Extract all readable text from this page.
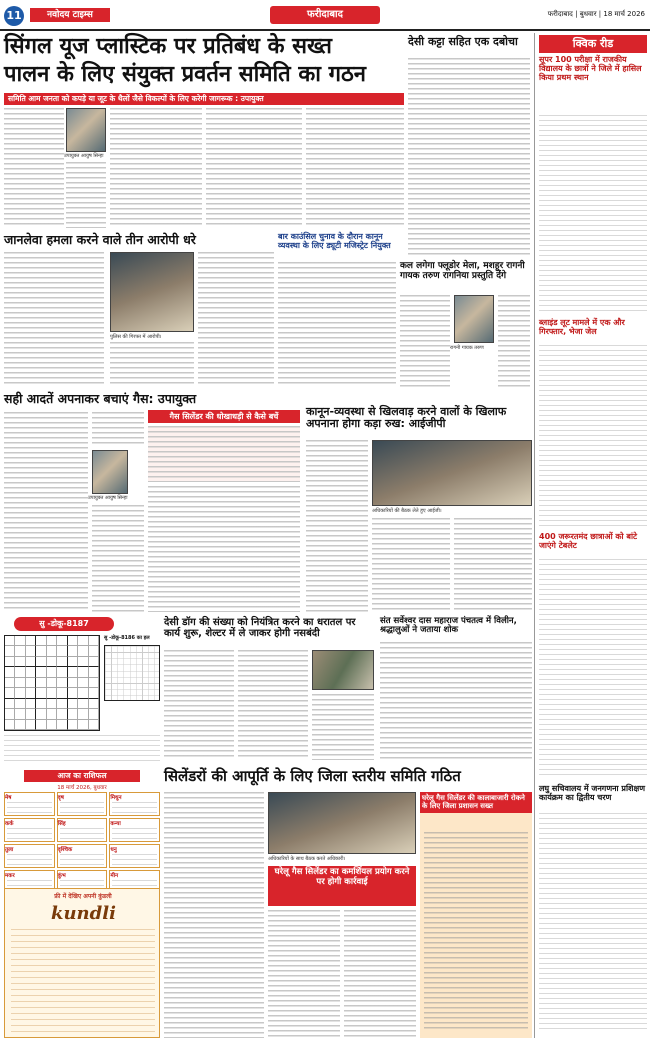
11	नवोदय टाइम्स	फरीदाबाद	फरीदाबाद | बुधवार | 18 मार्च 2026
सिंगल यूज प्लास्टिक पर प्रतिबंध के सख्त
पालन के लिए संयुक्त प्रवर्तन समिति का गठन
समिति आम जनता को कपड़े या जूट के थैलों जैसे विकल्पों के लिए करेगी जागरूक : उपायुक्त
उपायुक्त आयुष सिन्हा
देसी कट्टा सहित एक दबोचा	क्विक रीड
सूपर 100 परीक्षा में राजकीय विद्यालय के छात्रों ने जिले में हासिल किया प्रथम स्थान
ब्लाइंड लूट मामले में एक और गिरफ्तार, भेजा जेल
400 जरूरतमंद छात्राओं को बांटे जाएंगे टेबलेट
लघु सचिवालय में जनगणना प्रशिक्षण कार्यक्रम का द्वितीय चरण
जानलेवा हमला करने वाले तीन आरोपी धरे
पुलिस की गिरफ्त में आरोपी।
बार काउंसिल चुनाव के दौरान कानून व्यवस्था के लिए ड्यूटी मजिस्ट्रेट नियुक्त
कल लगेगा फ्लूडोर मेला, मशहूर रागनी गायक तरुण रागनिया प्रस्तुति देंगे
रागनी गायक तरुण
सही आदतें अपनाकर बचाएं गैस: उपायुक्त
उपायुक्त आयुष सिन्हा
गैस सिलेंडर की धोखाधड़ी से कैसे बचें	कानून-व्यवस्था से खिलवाड़ करने वालों के खिलाफ अपनाना होगा कड़ा रुख: आईजीपी
अधिकारियों की बैठक लेते हुए आईजी।
सु -डोकू-8187
सु -डोकू-8186 का हल
देसी डॉग की संख्या को नियंत्रित करने का धरातल पर कार्य शुरू, शेल्टर में ले जाकर होगी नसबंदी
संत सर्वेश्वर दास महाराज पंचतत्व में विलीन, श्रद्धालुओं ने जताया शोक
आज का राशिफल
18 मार्च 2026, बुधवार
मेष	वृष	मिथुन
कर्क	सिंह	कन्या
तुला	वृश्चिक	धनु
मकर	कुंभ	मीन
फ्री में देखिए अपनी कुंडली
kundli
सिलेंडरों की आपूर्ति के लिए जिला स्तरीय समिति गठित
अधिकारियों के साथ बैठक करते अधिकारी।
घरेलू गैस सिलेंडर का कमर्शियल प्रयोग करने पर होगी कार्रवाई
घरेलू गैस सिलेंडर की कालाबाजारी रोकने के लिए जिला प्रशासन सख्त
